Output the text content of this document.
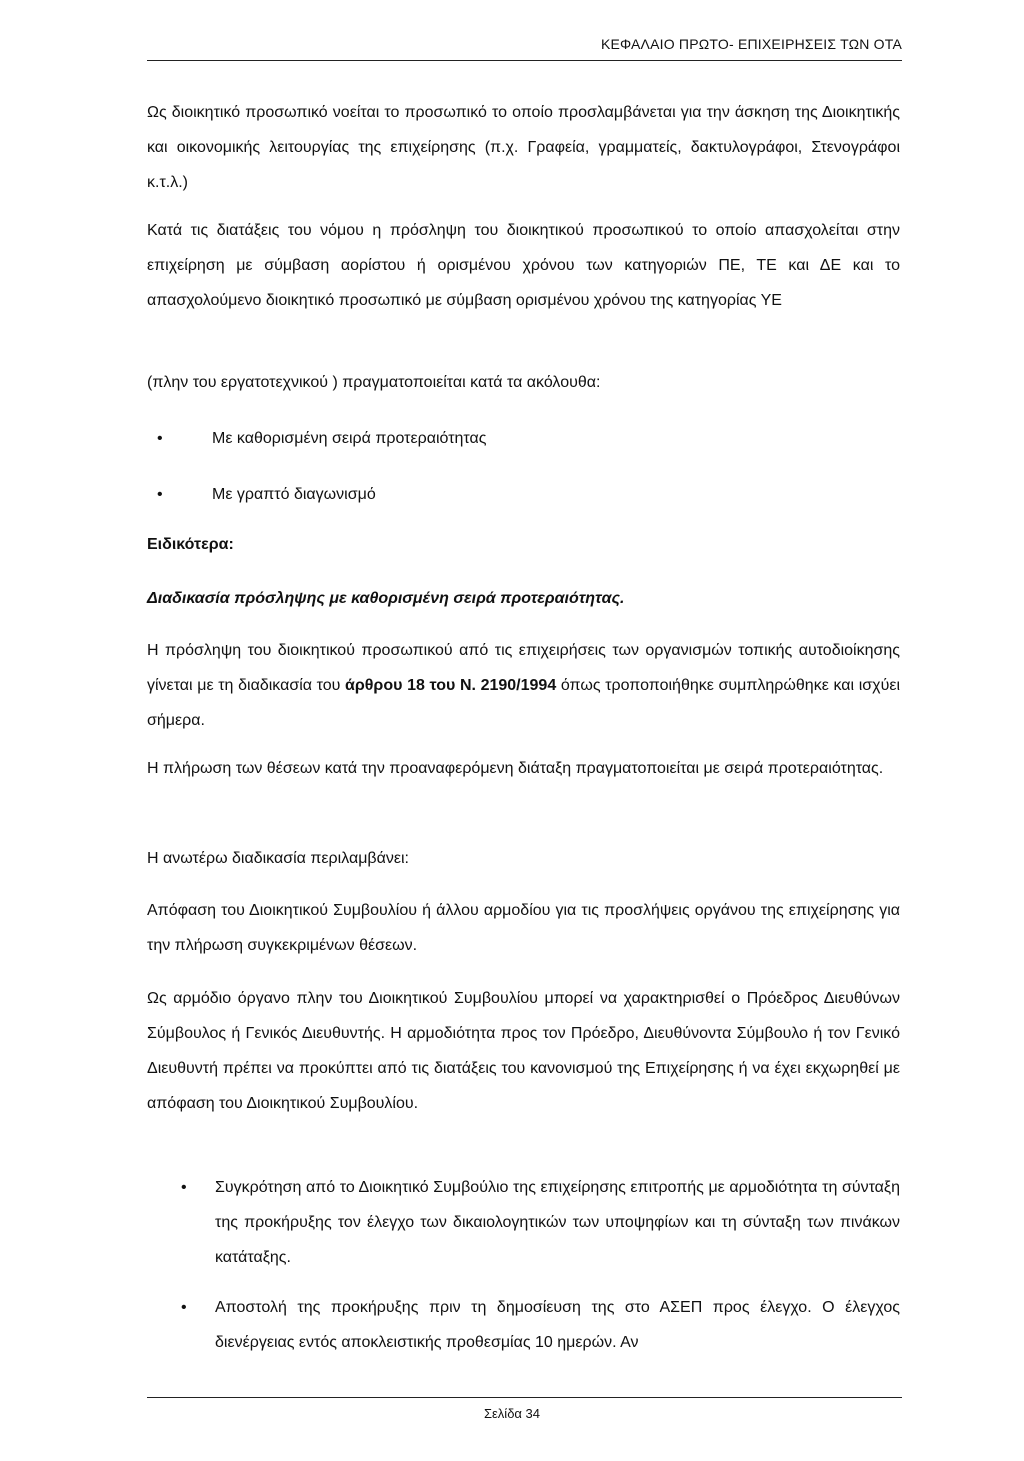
ΚΕΦΑΛΑΙΟ ΠΡΩΤΟ- ΕΠΙΧΕΙΡΗΣΕΙΣ ΤΩΝ ΟΤΑ

Ως διοικητικό προσωπικό νοείται το προσωπικό το οποίο προσλαμβάνεται για την άσκηση της Διοικητικής και οικονομικής λειτουργίας της επιχείρησης (π.χ. Γραφεία, γραμματείς, δακτυλογράφοι, Στενογράφοι κ.τ.λ.)

Κατά τις διατάξεις του νόμου η πρόσληψη του διοικητικού προσωπικού το οποίο απασχολείται στην επιχείρηση με σύμβαση αορίστου ή ορισμένου χρόνου των κατηγοριών ΠΕ, ΤΕ και ΔΕ και το απασχολούμενο διοικητικό προσωπικό με σύμβαση ορισμένου χρόνου της κατηγορίας ΥΕ

(πλην του εργατοτεχνικού ) πραγματοποιείται κατά τα ακόλουθα:

•	Με καθορισμένη σειρά προτεραιότητας
•	Με γραπτό διαγωνισμό

Ειδικότερα:

Διαδικασία πρόσληψης με καθορισμένη σειρά προτεραιότητας.

Η πρόσληψη του διοικητικού προσωπικού από τις επιχειρήσεις των οργανισμών τοπικής αυτοδιοίκησης γίνεται με τη διαδικασία του άρθρου 18 του Ν. 2190/1994 όπως τροποποιήθηκε συμπληρώθηκε και ισχύει σήμερα.

Η πλήρωση των θέσεων κατά την προαναφερόμενη διάταξη πραγματοποιείται με σειρά προτεραιότητας.

Η ανωτέρω διαδικασία περιλαμβάνει:

Απόφαση του Διοικητικού Συμβουλίου ή άλλου αρμοδίου για τις προσλήψεις οργάνου της επιχείρησης για την πλήρωση συγκεκριμένων θέσεων.

Ως αρμόδιο όργανο πλην του Διοικητικού Συμβουλίου μπορεί να χαρακτηρισθεί ο Πρόεδρος Διευθύνων Σύμβουλος ή Γενικός Διευθυντής. Η αρμοδιότητα προς τον Πρόεδρο, Διευθύνοντα Σύμβουλο ή τον Γενικό Διευθυντή πρέπει να προκύπτει από τις διατάξεις του κανονισμού της Επιχείρησης ή να έχει εκχωρηθεί με απόφαση του Διοικητικού Συμβουλίου.

• Συγκρότηση από το Διοικητικό Συμβούλιο της επιχείρησης επιτροπής με αρμοδιότητα τη σύνταξη της προκήρυξης τον έλεγχο των δικαιολογητικών των υποψηφίων και τη σύνταξη των πινάκων κατάταξης.
• Αποστολή της προκήρυξης πριν τη δημοσίευση της στο ΑΣΕΠ προς έλεγχο. Ο έλεγχος διενέργειας εντός αποκλειστικής προθεσμίας 10 ημερών. Αν
Σελίδα 34
